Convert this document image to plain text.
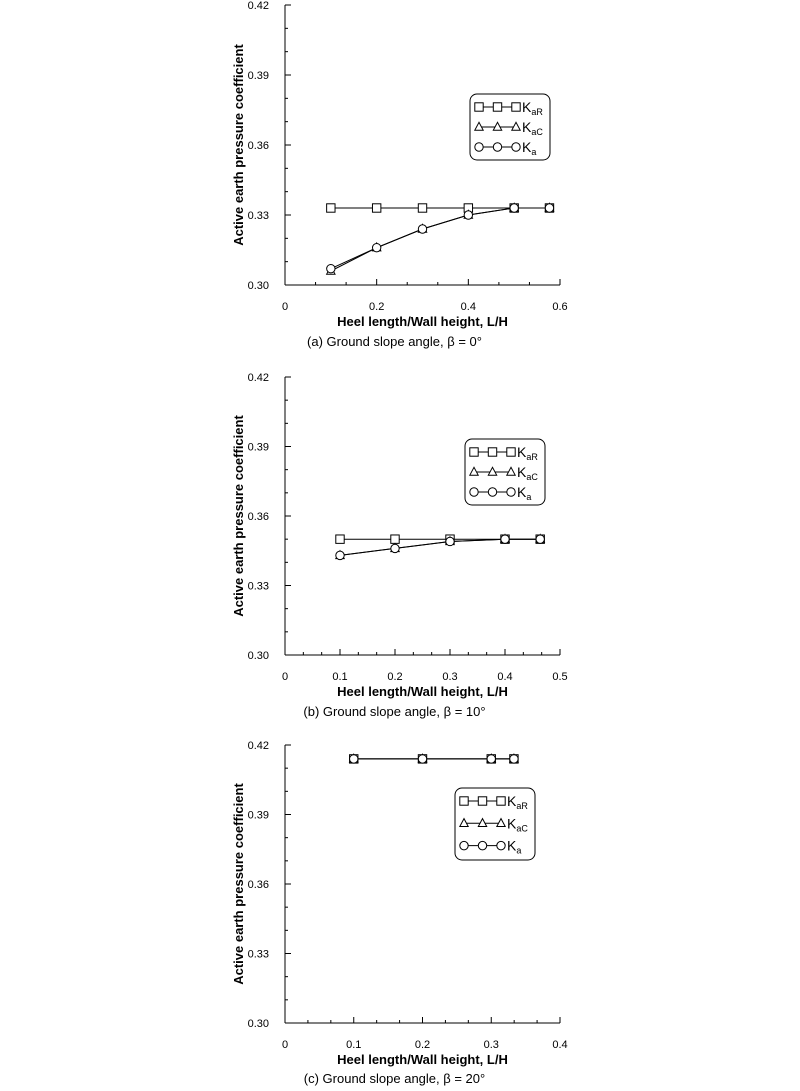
0.30
0.33
0.36
0.39
0.42
0	0.2	0.4	0.6
Heel length/Wall height, L/H
Active earth pressure coefficient
(a) Ground slope angle, β = 0°
$K_{aR}$
$K_{aC}$
$K_a$
0.30
0.33
0.36
0.39
0.42
0	0.1	0.2	0.3	0.4	0.5
Heel length/Wall height, L/H
Active earth pressure coefficient
(b) Ground slope angle, β = 10°
$K_{aR}$
$K_{aC}$
$K_a$
0.30
0.33
0.36
0.39
0.42
0	0.1	0.2	0.3	0.4
Heel length/Wall height, L/H
Active earth pressure coefficient
(c) Ground slope angle, β = 20°
$K_{aR}$
$K_{aC}$
$K_a$
